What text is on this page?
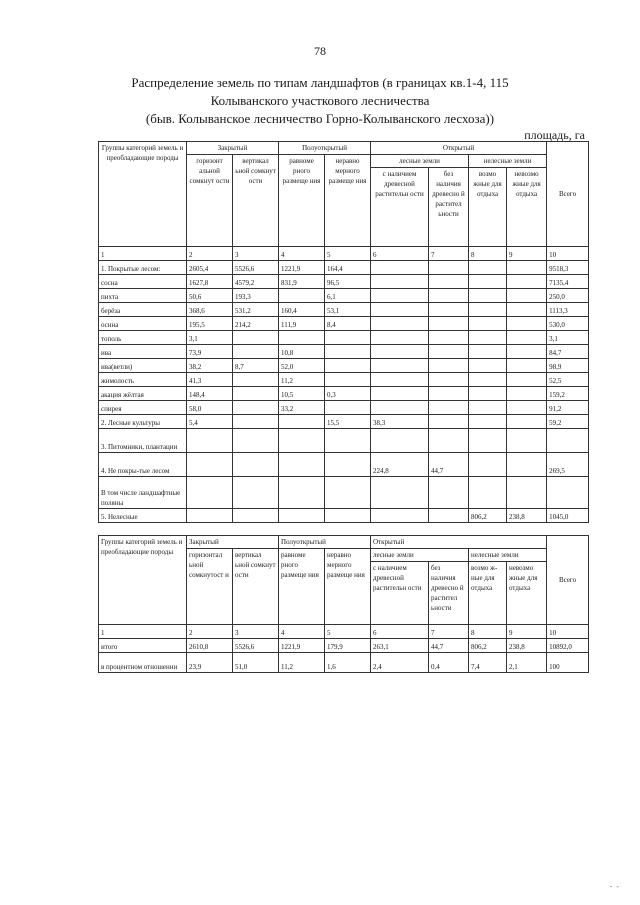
78
Распределение земель по типам ландшафтов (в границах кв.1-4, 115
Колыванского участкового лесничества
(быв. Колыванское лесничество Горно-Колыванского лесхоза))
площадь, га
Группы категорий земель и преобладающие породы	Закрытый		Полуоткрытый		Открытый				Всего
	горизонт альной сомкнут ости	вертикал ьной сомкнут ости	равноме рного размеще ния	неравно мерного размеще ния	лесные земли		нелесные земли		
					с наличием древесной растительн ости	без наличия древесно й растител ьности	возмо жные для отдыха	невозмо жные для отдыха	
1	2	3	4	5	6	7	8	9	10
1. Покрытые лесом:	2605,4	5526,6	1221,9	164,4					9518,3
сосна	1627,8	4579,2	831,9	96,5					7135,4
пихта	50,6	193,3		6,1					250,0
берёза	368,6	531,2	160,4	53,1					1113,3
осина	195,5	214,2	111,9	8,4					530,0
тополь	3,1								3,1
ива	73,9		10,8						84,7
ива(ветли)	38,2	8,7	52,0						98,9
жимолость	41,3		11,2						52,5
акация жёлтая	148,4		10,5	0,3					159,2
спирея	58,0		33,2						91,2
2. Лесные культуры	5,4			15,5	38,3				59,2
3. Питомники, плантации									
4. Не покры-тые лесом					224,8	44,7			269,5
В том числе ландшафтные поляны									
5. Нелесные							806,2	238,8	1045,0
Группы категорий земель и преобладающие породы	Закрытый		Полуоткрытый		Открытый				Всего
	горизонтал ьной сомкнутост и	вертикал ьной сомкнут ости	равноме рного размеще ния	неравно мерного размеще ния	лесные земли		нелесные земли		
					с наличием древесной растительн ости	без наличия древесно й растител ьности	возмо ж-ные для отдыха	невозмо жные для отдыха	
1	2	3	4	5	6	7	8	9	10
итого	2610,8	5526,6	1221,9	179,9	263,1	44,7	806,2	238,8	10892,0
в процентном отношении	23,9	51,0	11,2	1,6	2,4	0,4	7,4	2,1	100
- -
